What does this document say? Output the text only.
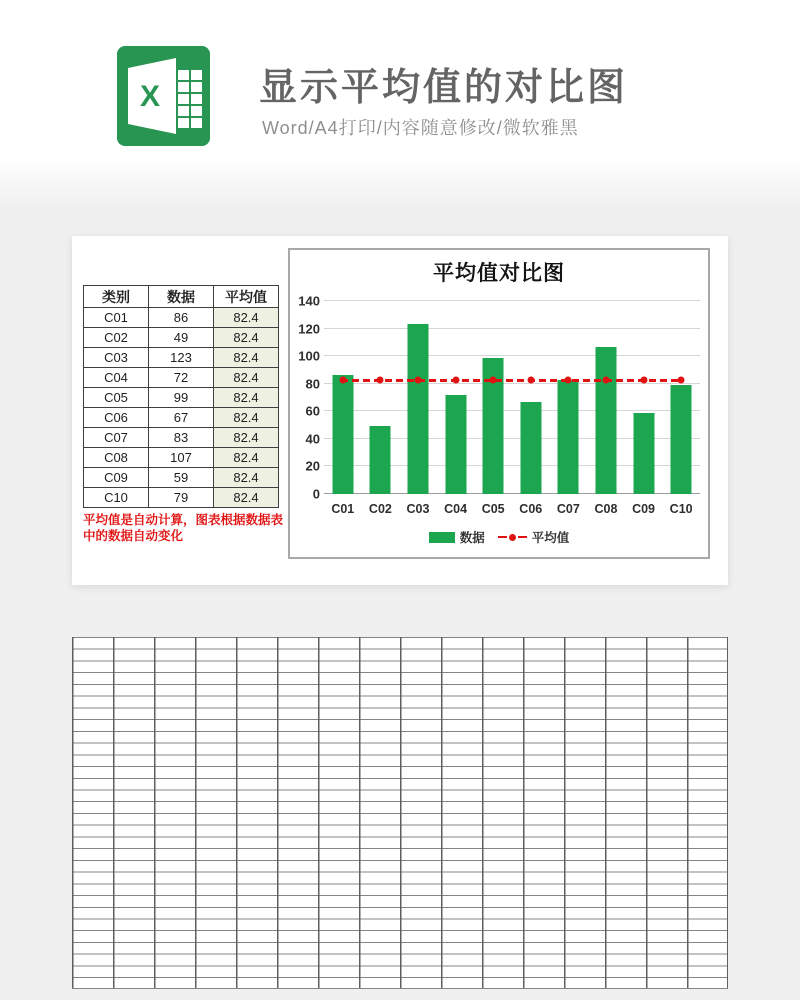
X	显示平均值的对比图
Word/A4打印/内容随意修改/微软雅黑
类别	数据	平均值
C01	86	82.4
C02	49	82.4
C03	123	82.4
C04	72	82.4
C05	99	82.4
C06	67	82.4
C07	83	82.4
C08	107	82.4
C09	59	82.4
C10	79	82.4
平均值是自动计算，图表根据数据表中的数据自动变化
平均值对比图
0
20
40
60
80
100
120
140
C01	C02	C03	C04	C05	C06	C07	C08	C09	C10
数据	平均值
